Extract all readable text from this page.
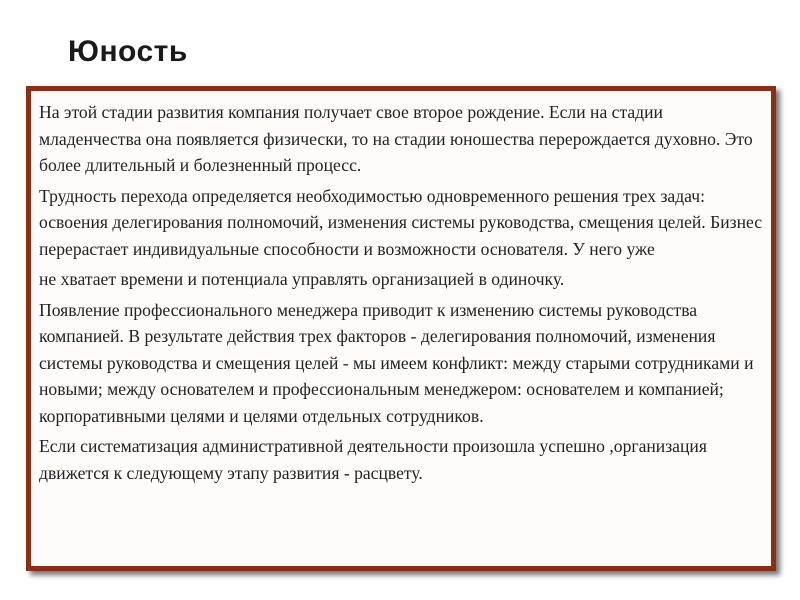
Юность

На этой стадии развития компания получает свое второе рождение. Если на стадии младенчества она появляется физически, то на стадии юношества перерождается духовно. Это более длительный и болезненный процесс.

Трудность перехода определяется необходимостью одновременного решения трех задач: освоения делегирования полномочий, изменения системы руководства, смещения целей. Бизнес перерастает индивидуальные способности и возможности основателя. У него уже

не хватает времени и потенциала управлять организацией в одиночку.

Появление профессионального менеджера приводит к изменению системы руководства компанией. В результате действия трех факторов - делегирования полномочий, изменения системы руководства и смещения целей - мы имеем конфликт: между старыми сотрудниками и новыми; между основателем и профессиональным менеджером: основателем и компанией; корпоративными целями и целями отдельных сотрудников.

Если систематизация административной деятельности произошла успешно ,организация движется к следующему этапу развития - расцвету.
